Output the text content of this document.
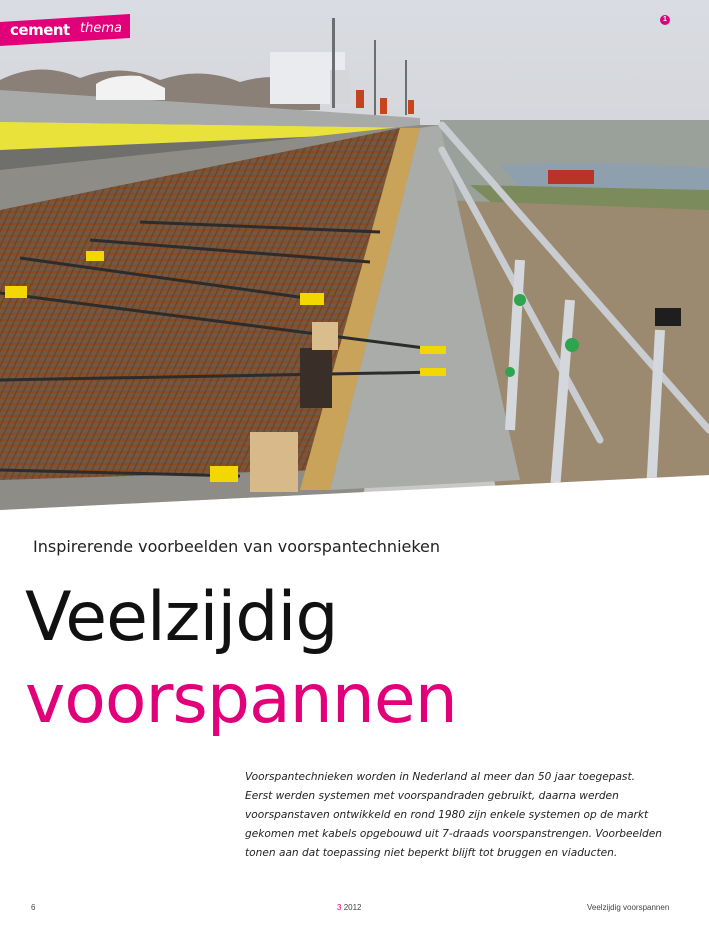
cement thema
1
Inspirerende voorbeelden van voorspantechnieken
Veelzijdig
voorspannen
Voorspantechnieken worden in Nederland al meer dan 50 jaar toegepast. Eerst werden systemen met voorspandraden gebruikt, daarna werden voorspanstaven ontwikkeld en rond 1980 zijn enkele systemen op de markt gekomen met kabels opgebouwd uit 7-draads voorspanstrengen. Voorbeelden tonen aan dat toepassing niet beperkt blijft tot bruggen en viaducten.
6	3 2012	Veelzijdig voorspannen
